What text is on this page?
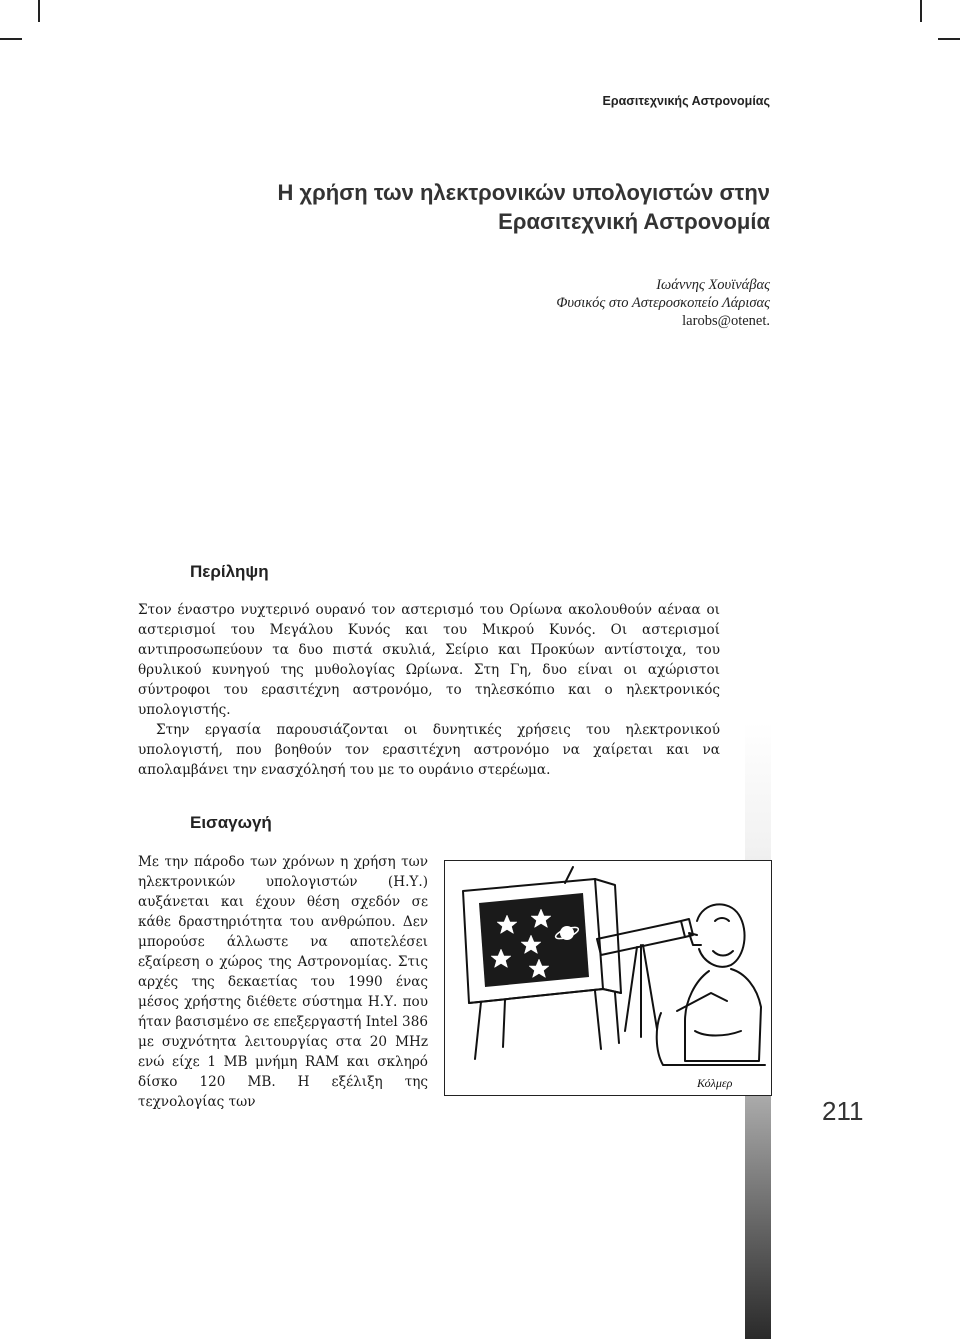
Ερασιτεχνικής Αστρονομίας
Η χρήση των ηλεκτρονικών υπολογιστών στην
Ερασιτεχνική Αστρονομία
Ιωάννης Χουϊνάβας
Φυσικός στο Αστεροσκοπείο Λάρισας
larobs@otenet.
Περίληψη

Στον έναστρο νυχτερινό ουρανό τον αστερισμό του Ορίωνα ακολουθούν αέναα οι αστερισμοί του Μεγάλου Κυνός και του Μικρού Κυνός. Οι αστερισμοί αντιπροσωπεύουν τα δυο πιστά σκυλιά, Σείριο και Προκύων αντίστοιχα, του θρυλικού κυνηγού της μυθολογίας Ωρίωνα. Στη Γη, δυο είναι οι αχώριστοι σύντροφοι του ερασιτέχνη αστρονόμο, το τηλεσκόπιο και ο ηλεκτρονικός υπολογιστής.

Στην εργασία παρουσιάζονται οι δυνητικές χρήσεις του ηλεκτρονικού υπολογιστή, που βοηθούν τον ερασιτέχνη αστρονόμο να χαίρεται και να απολαμβάνει την ενασχόλησή του με το ουράνιο στερέωμα.

Εισαγωγή

Με την πάροδο των χρόνων η χρήση των ηλεκτρονικών υπολογιστών (Η.Υ.) αυξάνεται και έχουν θέση σχεδόν σε κάθε δραστηριότητα του ανθρώπου. Δεν μπορούσε άλλωστε να αποτελέσει εξαίρεση ο χώρος της Αστρονομίας. Στις αρχές της δεκαετίας του 1990 ένας μέσος χρήστης διέθετε σύστημα Η.Υ. που ήταν βασισμένο σε επεξεργαστή Intel 386 με συχνότητα λειτουργίας στα 20 MHz ενώ είχε 1 MB μνήμη RAM και σκληρό δίσκο 120 MB. Η εξέλιξη της τεχνολογίας των

Κόλμερ
211
